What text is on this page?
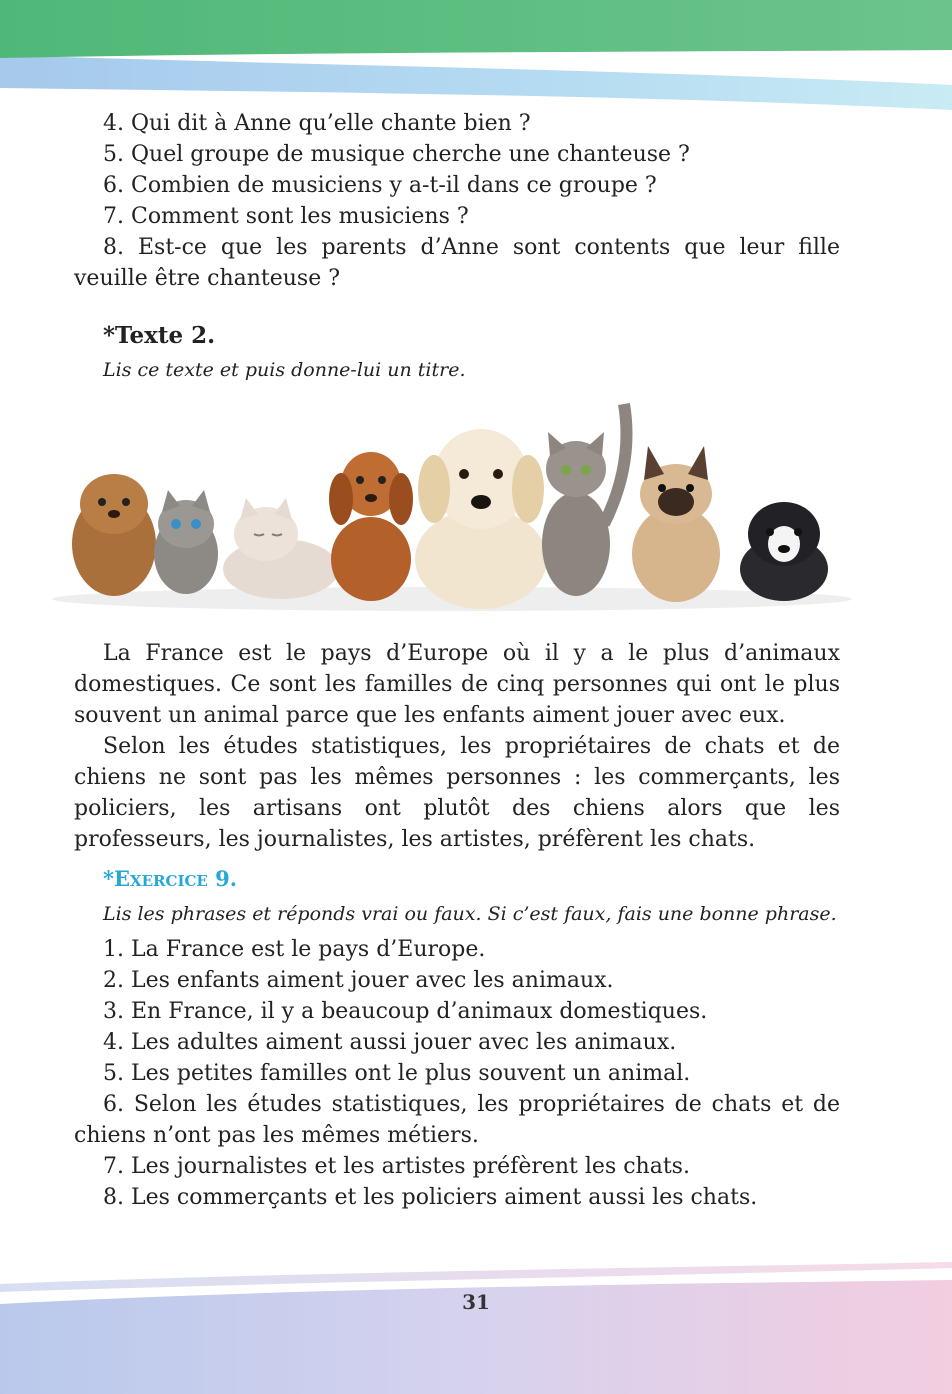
4. Qui dit à Anne qu’elle chante bien ?

5. Quel groupe de musique cherche une chanteuse ?

6. Combien de musiciens y a-t-il dans ce groupe ?

7. Comment sont les musiciens ?

8. Est-ce que les parents d’Anne sont contents que leur fille veuille être chanteuse ?

*Texte 2.

Lis ce texte et puis donne-lui un titre.

La France est le pays d’Europe où il y a le plus d’animaux domestiques. Ce sont les familles de cinq personnes qui ont le plus souvent un animal parce que les enfants aiment jouer avec eux.

Selon les études statistiques, les propriétaires de chats et de chiens ne sont pas les mêmes personnes : les commerçants, les policiers, les artisans ont plutôt des chiens alors que les professeurs, les journalistes, les artistes, préfèrent les chats.

*Exercice 9.

Lis les phrases et réponds vrai ou faux. Si c’est faux, fais une bonne phrase.

1. La France est le pays d’Europe.

2. Les enfants aiment jouer avec les animaux.

3. En France, il y a beaucoup d’animaux domestiques.

4. Les adultes aiment aussi jouer avec les animaux.

5. Les petites familles ont le plus souvent un animal.

6. Selon les études statistiques, les propriétaires de chats et de chiens n’ont pas les mêmes métiers.

7. Les journalistes et les artistes préfèrent les chats.

8. Les commerçants et les policiers aiment aussi les chats.

31
